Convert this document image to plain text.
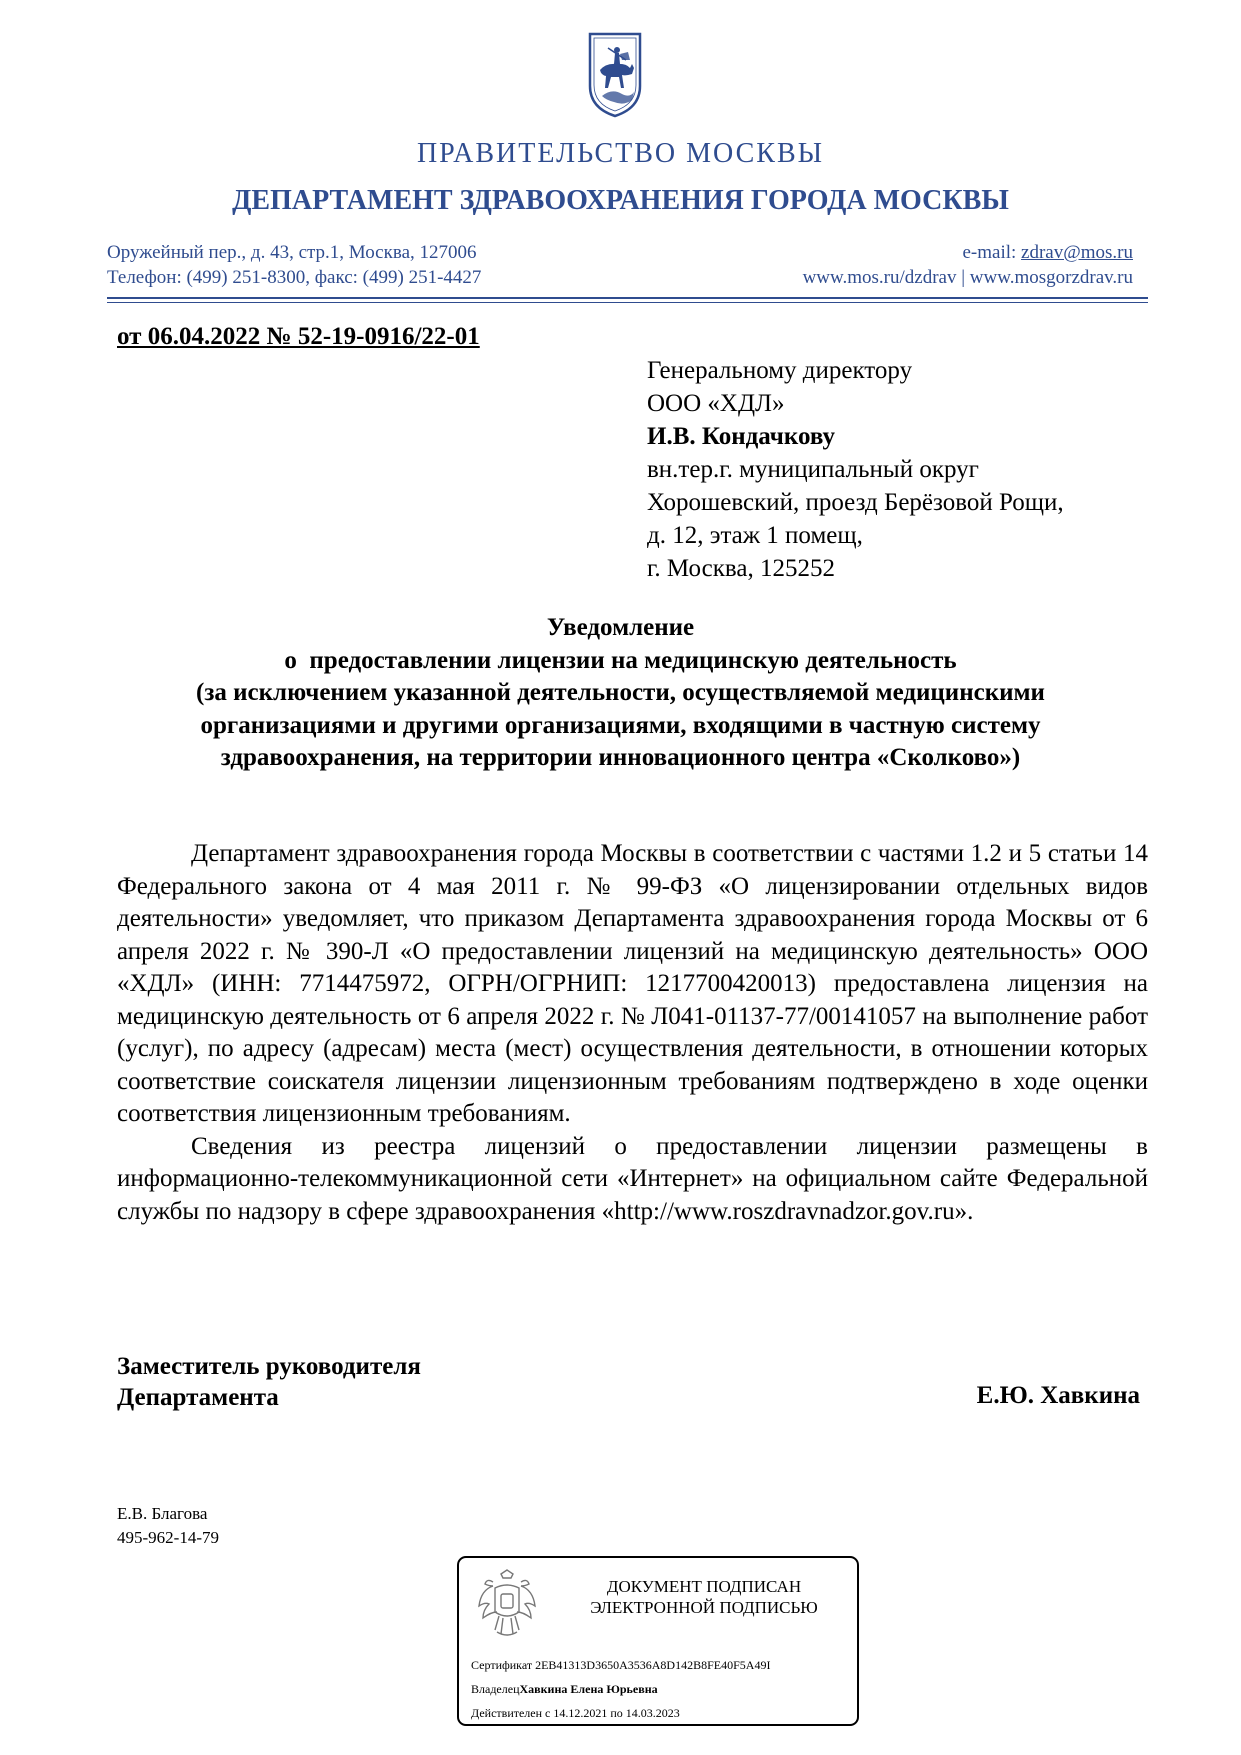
ПРАВИТЕЛЬСТВО МОСКВЫ
ДЕПАРТАМЕНТ ЗДРАВООХРАНЕНИЯ ГОРОДА МОСКВЫ
Оружейный пер., д. 43, стр.1, Москва, 127006
Телефон: (499) 251-8300, факс: (499) 251-4427
e-mail: zdrav@mos.ru
www.mos.ru/dzdrav | www.mosgorzdrav.ru
от 06.04.2022 № 52-19-0916/22-01
Генеральному директору
ООО «ХДЛ»
И.В. Кондачкову
вн.тер.г. муниципальный округ
Хорошевский, проезд Берёзовой Рощи,
д. 12, этаж 1 помещ,
г. Москва, 125252
Уведомление
о  предоставлении лицензии на медицинскую деятельность
(за исключением указанной деятельности, осуществляемой медицинскими
организациями и другими организациями, входящими в частную систему
здравоохранения, на территории инновационного центра «Сколково»)

Департамент здравоохранения города Москвы в соответствии с частями 1.2 и 5 статьи 14 Федерального закона от 4 мая 2011 г. № 99-ФЗ «О лицензировании отдельных видов деятельности» уведомляет, что приказом Департамента здравоохранения города Москвы от 6 апреля 2022 г. № 390-Л «О предоставлении лицензий на медицинскую деятельность» ООО «ХДЛ» (ИНН: 7714475972, ОГРН/ОГРНИП: 1217700420013) предоставлена лицензия на медицинскую деятельность от 6 апреля 2022 г. № Л041-01137-77/00141057 на выполнение работ (услуг), по адресу (адресам) места (мест) осуществления деятельности, в отношении которых соответствие соискателя лицензии лицензионным требованиям подтверждено в ходе оценки соответствия лицензионным требованиям.

Сведения из реестра лицензий о предоставлении лицензии размещены в информационно-телекоммуникационной сети «Интернет» на официальном сайте Федеральной службы по надзору в сфере здравоохранения «http://www.roszdravnadzor.gov.ru».

Заместитель руководителя
Департамента	Е.Ю. Хавкина
Е.В. Благова
495-962-14-79
ДОКУМЕНТ ПОДПИСАН
ЭЛЕКТРОННОЙ ПОДПИСЬЮ
Сертификат 2EB41313D3650A3536A8D142B8FE40F5A49I
ВладелецХавкина Елена Юрьевна
Действителен с 14.12.2021 по 14.03.2023
